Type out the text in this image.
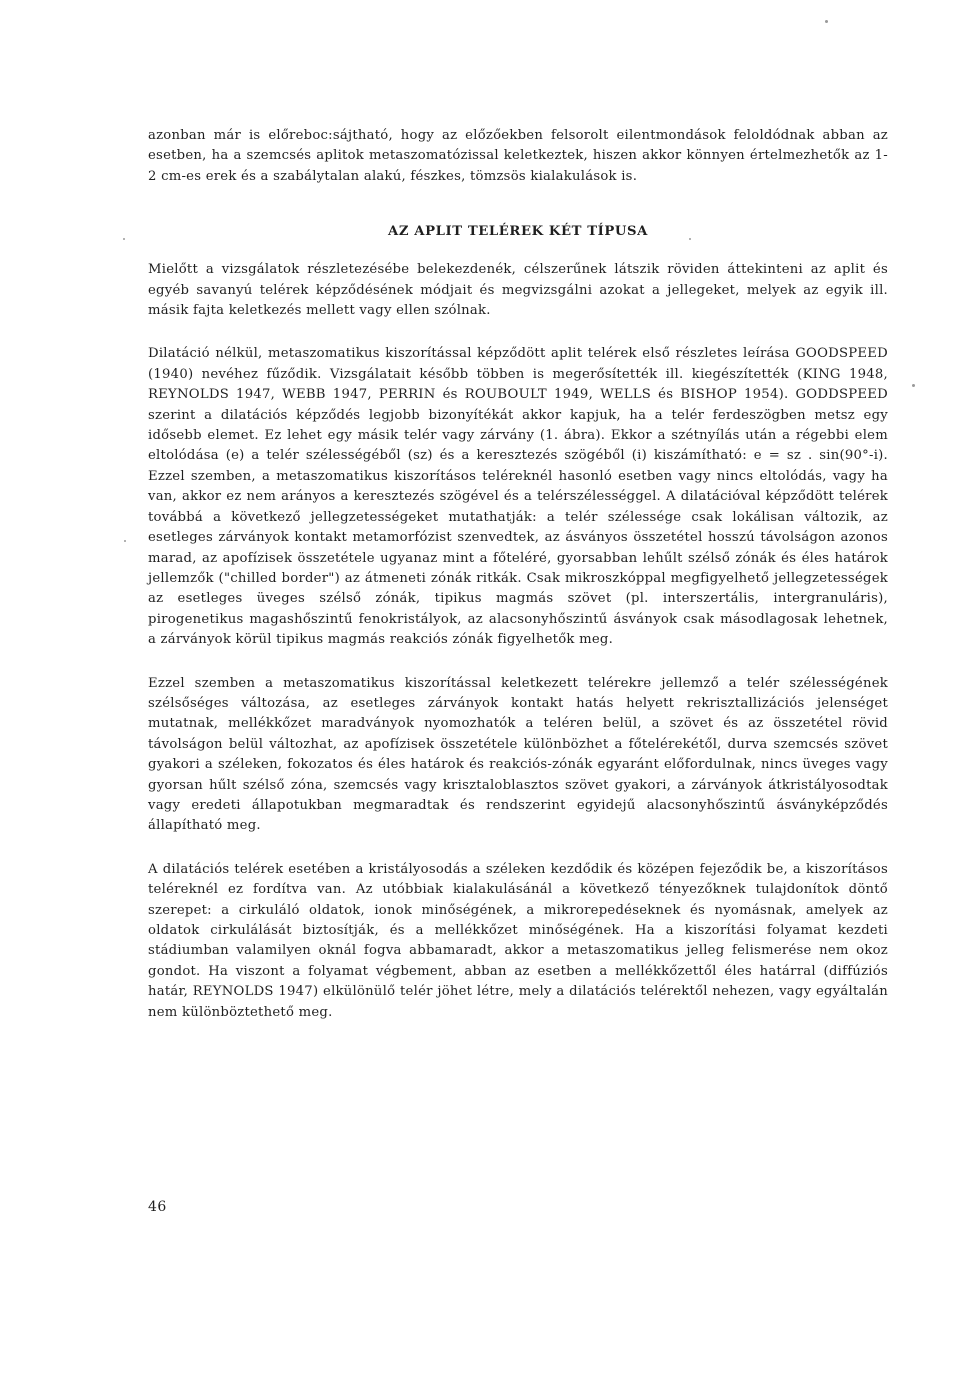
azonban már is előreboc:sájtható, hogy az előzőekben felsorolt eilentmondások feloldódnak abban az esetben, ha a szemcsés aplitok metaszomatózissal keletkeztek, hiszen akkor könnyen értelmezhetők az 1-2 cm-es erek és a szabálytalan alakú, fészkes, tömzsös kialakulások is.

AZ APLIT TELÉREK KÉT TÍPUSA

Mielőtt a vizsgálatok részletezésébe belekezdenék, célszerűnek látszik röviden áttekinteni az aplit és egyéb savanyú telérek képződésének módjait és megvizsgálni azokat a jellegeket, melyek az egyik ill. másik fajta keletkezés mellett vagy ellen szólnak.

Dilatáció nélkül, metaszomatikus kiszorítással képződött aplit telérek első részletes leírása GOODSPEED (1940) nevéhez fűződik. Vizsgálatait később többen is megerősítették ill. kiegészítették (KING 1948, REYNOLDS 1947, WEBB 1947, PERRIN és ROUBOULT 1949, WELLS és BISHOP 1954). GODDSPEED szerint a dilatációs képződés legjobb bizonyítékát akkor kapjuk, ha a telér ferdeszögben metsz egy idősebb elemet. Ez lehet egy másik telér vagy zárvány (1. ábra). Ekkor a szétnyílás után a régebbi elem eltolódása (e) a telér szélességéből (sz) és a keresztezés szögéből (i) kiszámítható: e = sz . sin(90°-i). Ezzel szemben, a metaszomatikus kiszorításos teléreknél hasonló esetben vagy nincs eltolódás, vagy ha van, akkor ez nem arányos a keresztezés szögével és a telérszélességgel. A dilatációval képződött telérek továbbá a következő jellegzetességeket mutathatják: a telér szélessége csak lokálisan változik, az esetleges zárványok kontakt metamorfózist szenvedtek, az ásványos összetétel hosszú távolságon azonos marad, az apofízisek összetétele ugyanaz mint a főteléré, gyorsabban lehűlt szélső zónák és éles határok jellemzők ("chilled border") az átmeneti zónák ritkák. Csak mikroszkóppal megfigyelhető jellegzetességek az esetleges üveges szélső zónák, tipikus magmás szövet (pl. interszertális, intergranuláris), pirogenetikus magashőszintű fenokristályok, az alacsonyhőszintű ásványok csak másodlagosak lehetnek, a zárványok körül tipikus magmás reakciós zónák figyelhetők meg.

Ezzel szemben a metaszomatikus kiszorítással keletkezett telérekre jellemző a telér szélességének szélsőséges változása, az esetleges zárványok kontakt hatás helyett rekrisztallizációs jelenséget mutatnak, mellékkőzet maradványok nyomozhatók a teléren belül, a szövet és az összetétel rövid távolságon belül változhat, az apofízisek összetétele különbözhet a főtelérekétől, durva szemcsés szövet gyakori a széleken, fokozatos és éles határok és reakciós-zónák egyaránt előfordulnak, nincs üveges vagy gyorsan hűlt szélső zóna, szemcsés vagy krisztaloblasztos szövet gyakori, a zárványok átkristályosodtak vagy eredeti állapotukban megmaradtak és rendszerint egyidejű alacsonyhőszintű ásványképződés állapítható meg.

A dilatációs telérek esetében a kristályosodás a széleken kezdődik és középen fejeződik be, a kiszorításos teléreknél ez fordítva van. Az utóbbiak kialakulásánál a következő tényezőknek tulajdonítok döntő szerepet: a cirkuláló oldatok, ionok minőségének, a mikrorepedéseknek és nyomásnak, amelyek az oldatok cirkulálását biztosítják, és a mellékkőzet minőségének. Ha a kiszorítási folyamat kezdeti stádiumban valamilyen oknál fogva abbamaradt, akkor a metaszomatikus jelleg felismerése nem okoz gondot. Ha viszont a folyamat végbement, abban az esetben a mellékkőzettől éles határral (diffúziós határ, REYNOLDS 1947) elkülönülő telér jöhet létre, mely a dilatációs telérektől nehezen, vagy egyáltalán nem különböztethető meg.

46
